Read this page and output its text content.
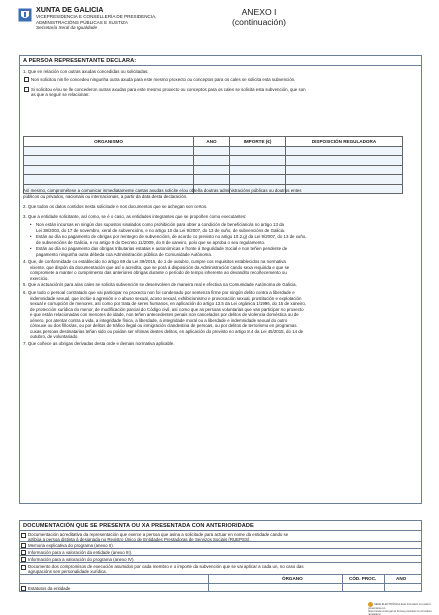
XUNTA DE GALICIA
VICEPRESIDENCIA E CONSELLERÍA DE PRESIDENCIA,
ADMINISTRACIÓNS PÚBLICAS E XUSTIZA
Secretaría Xeral da Igualdade
ANEXO I
(continuación)
A PERSOA REPRESENTANTE DECLARA:
1. Que en relación con outras axudas concedidas ou solicitadas:
Non solicitou nin lle concedeu ningunha outra axuda para este mesmo proxecto ou conceptos para os cales se solicita esta subvención.
Si solicitou e/ou se lle concederon outras axudas para este mesmo proxecto ou conceptos para os cales se solicita esta subvención, que son
as que a seguir se relacionan:
ORGANISMO	ANO	IMPORTE (€)	DISPOSICIÓN REGULADORA

Así mesmo, comprométese a comunicar inmediatamente cantas axudas solicite e/ou obteña doutras administracións públicas ou doutros entes
públicos ou privados, nacionais ou internacionais, a partir da data desta declaración.
2. Que todos os datos contidos nesta solicitude e nos documentos que se achegan son certos.
3. Que a entidade solicitante, así como, se é o caso, as entidades integrantes que se propoñen como executantes:
• Non están incursas en ningún dos supostos sinalados como prohibición para obter a condición de beneficiario/a no artigo 13 da
Lei 38/2003, do 17 de novembro, xeral de subvencións, e no artigo 10 da Lei 9/2007, do 13 de xuño, de subvencións de Galicia.
• Están ao día no pagamento de obrigas por reintegro de subvencións, de acordo co previsto no artigo 10.2.g) da Lei 9/2007, do 13 de xuño,
de subvencións de Galicia, e no artigo 9 do Decreto 11/2009, do 8 de xaneiro, polo que se aproba o seu regulamento.
• Están ao día no pagamento das obrigas tributarias estatais e autonómicas e fronte á Seguridade Social e non teñen pendente de
pagamento ningunha outra débeda coa Administración pública de Comunidade Autónoma.
4. Que, de conformidade co establecido no artigo 69 da Lei 39/2015, do 1 de outubro, cumpre cos requisitos establecidos na normativa
vixente, que dispón da documentación que así o acredita, que se porá á disposición da Administración cando sexa requirida e que se
compromete a manter o cumprimento das anteriores obrigas durante o período de tempo inherente ao devandito recoñecemento ou
exercicio.
5. Que a actuación/s para a/as cales se solicita subvención se desenvolven de maneira real e efectiva na Comunidade Autónoma de Galicia.
6. Que todo o persoal contratado que vai participar no proxecto non foi condenado por sentenza firme por ningún delito contra a liberdade e
indemnidade sexual, que inclúe a agresión e o abuso sexual, acoso sexual, exhibicionismo e provocación sexual, prostitución e explotación
sexual e corrupción de menores, así como por trata de seres humanos, en aplicación do artigo 13.5 da Lei orgánica 1/1996, do 15 de xaneiro,
de protección xurídica do menor, de modificación parcial do Código civil, así como que as persoas voluntarias que van participar no proxecto
e que están relacionadas con menores de idade, non teñen antecedentes penais non cancelados por delitos de violencia doméstica ou de
xénero, por atentar contra a vida, a integridade física, a liberdade, a integridade moral ou a liberdade e indemnidade sexual do outro
cónxuxe ou dos fillos/as, ou por delitos de tráfico ilegal ou inmigración clandestina de persoas, ou por delitos de terrorismo en programas
cuxas persoas destinatarias teñan sido ou poidan ser vítimas destes delitos, en aplicación do previsto no artigo 8.4 da Lei 45/2015, do 14 de
outubro, de voluntariado.
7. Que coñece as obrigas derivadas desta orde e demais normativa aplicable.
DOCUMENTACIÓN QUE SE PRESENTA OU XA PRESENTADA CON ANTERIORIDADE
Documentación acreditativa da representación que exerce a persoa que asina a solicitude para actuar en nome da entidade cando se
atribúa a persoa distinta á designada no Rexistro Único de Entidades Prestadoras de Servizos Sociais (RUEPSS).
Memoria explicativa do programa (anexo II).
Información para a valoración da entidade (anexo III).
Información para a valoración do programa (anexo IV).
Documento dos compromisos de execución asumidos por cada membro e o importe da subvención que se vai aplicar a cada un, no caso das
agrupacións sen personalidade xurídica.
ÓRGANO	CÓD. PROC.	ANO
Estatutos da entidade
SEDE ELECTRÓNICA Este formulario só poderá presentarse en
https://sede.xunta.gal as formas previstas na normativa reguladora
